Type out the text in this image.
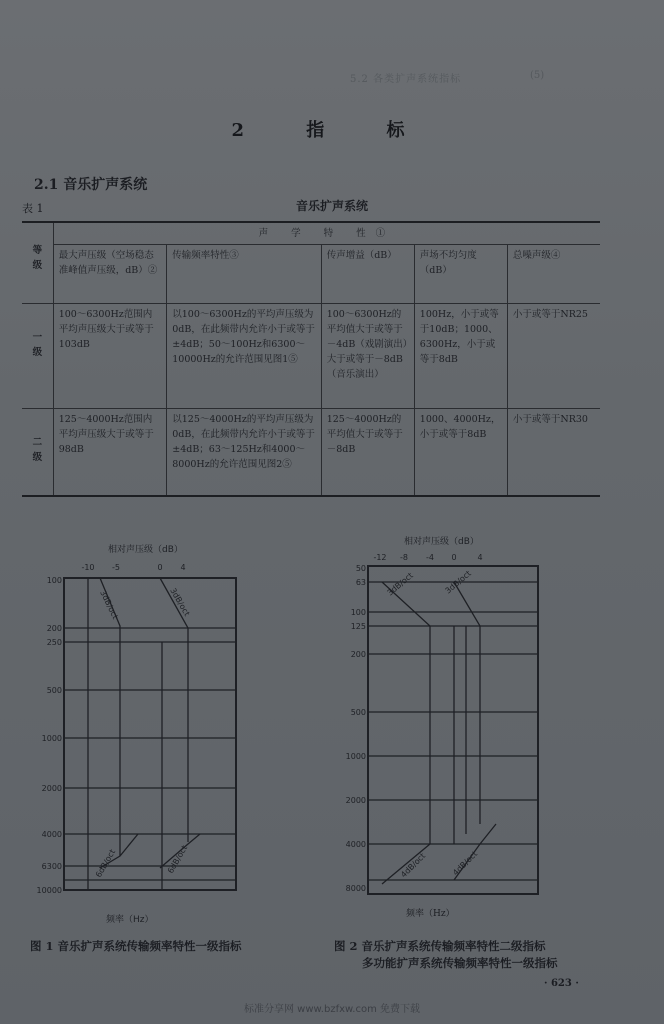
5.2 各类扩声系统指标	(5)
2 指 标
2.1 音乐扩声系统
表 1	音乐扩声系统
等 级	声 学 特 性①				
	最大声压级（空场稳态准峰值声压级，dB）②	传输频率特性③	传声增益（dB）	声场不均匀度（dB）	总噪声级④
一 级	100～6300Hz范围内平均声压级大于或等于103dB	以100～6300Hz的平均声压级为0dB，在此频带内允许小于或等于±4dB；50～100Hz和6300～10000Hz的允许范围见图1⑤	100～6300Hz的平均值大于或等于－4dB（戏剧演出）大于或等于－8dB（音乐演出）	100Hz，小于或等于10dB；1000、6300Hz，小于或等于8dB	小于或等于NR25
二 级	125～4000Hz范围内平均声压级大于或等于98dB	以125～4000Hz的平均声压级为0dB，在此频带内允许小于或等于±4dB；63～125Hz和4000～8000Hz的允许范围见图2⑤	125～4000Hz的平均值大于或等于－8dB	1000、4000Hz，小于或等于8dB	小于或等于NR30
相对声压级（dB）
-10 -5	0 4
100
200
250
500
1000
2000
4000
6300
10000
频率（Hz）
3dB/oct	3dB/oct
6dB/oct	6dB/oct
图 1 音乐扩声系统传输频率特性一级指标
相对声压级（dB）
-12 -8 -4 0	4
50
63
100
125
200
500
1000
2000
4000
8000
3dB/oct	3dB/oct
4dB/oct	4dB/oct
频率（Hz）
图 2 音乐扩声系统传输频率特性二级指标
多功能扩声系统传输频率特性一级指标
· 623 ·
标准分享网 www.bzfxw.com 免费下载
